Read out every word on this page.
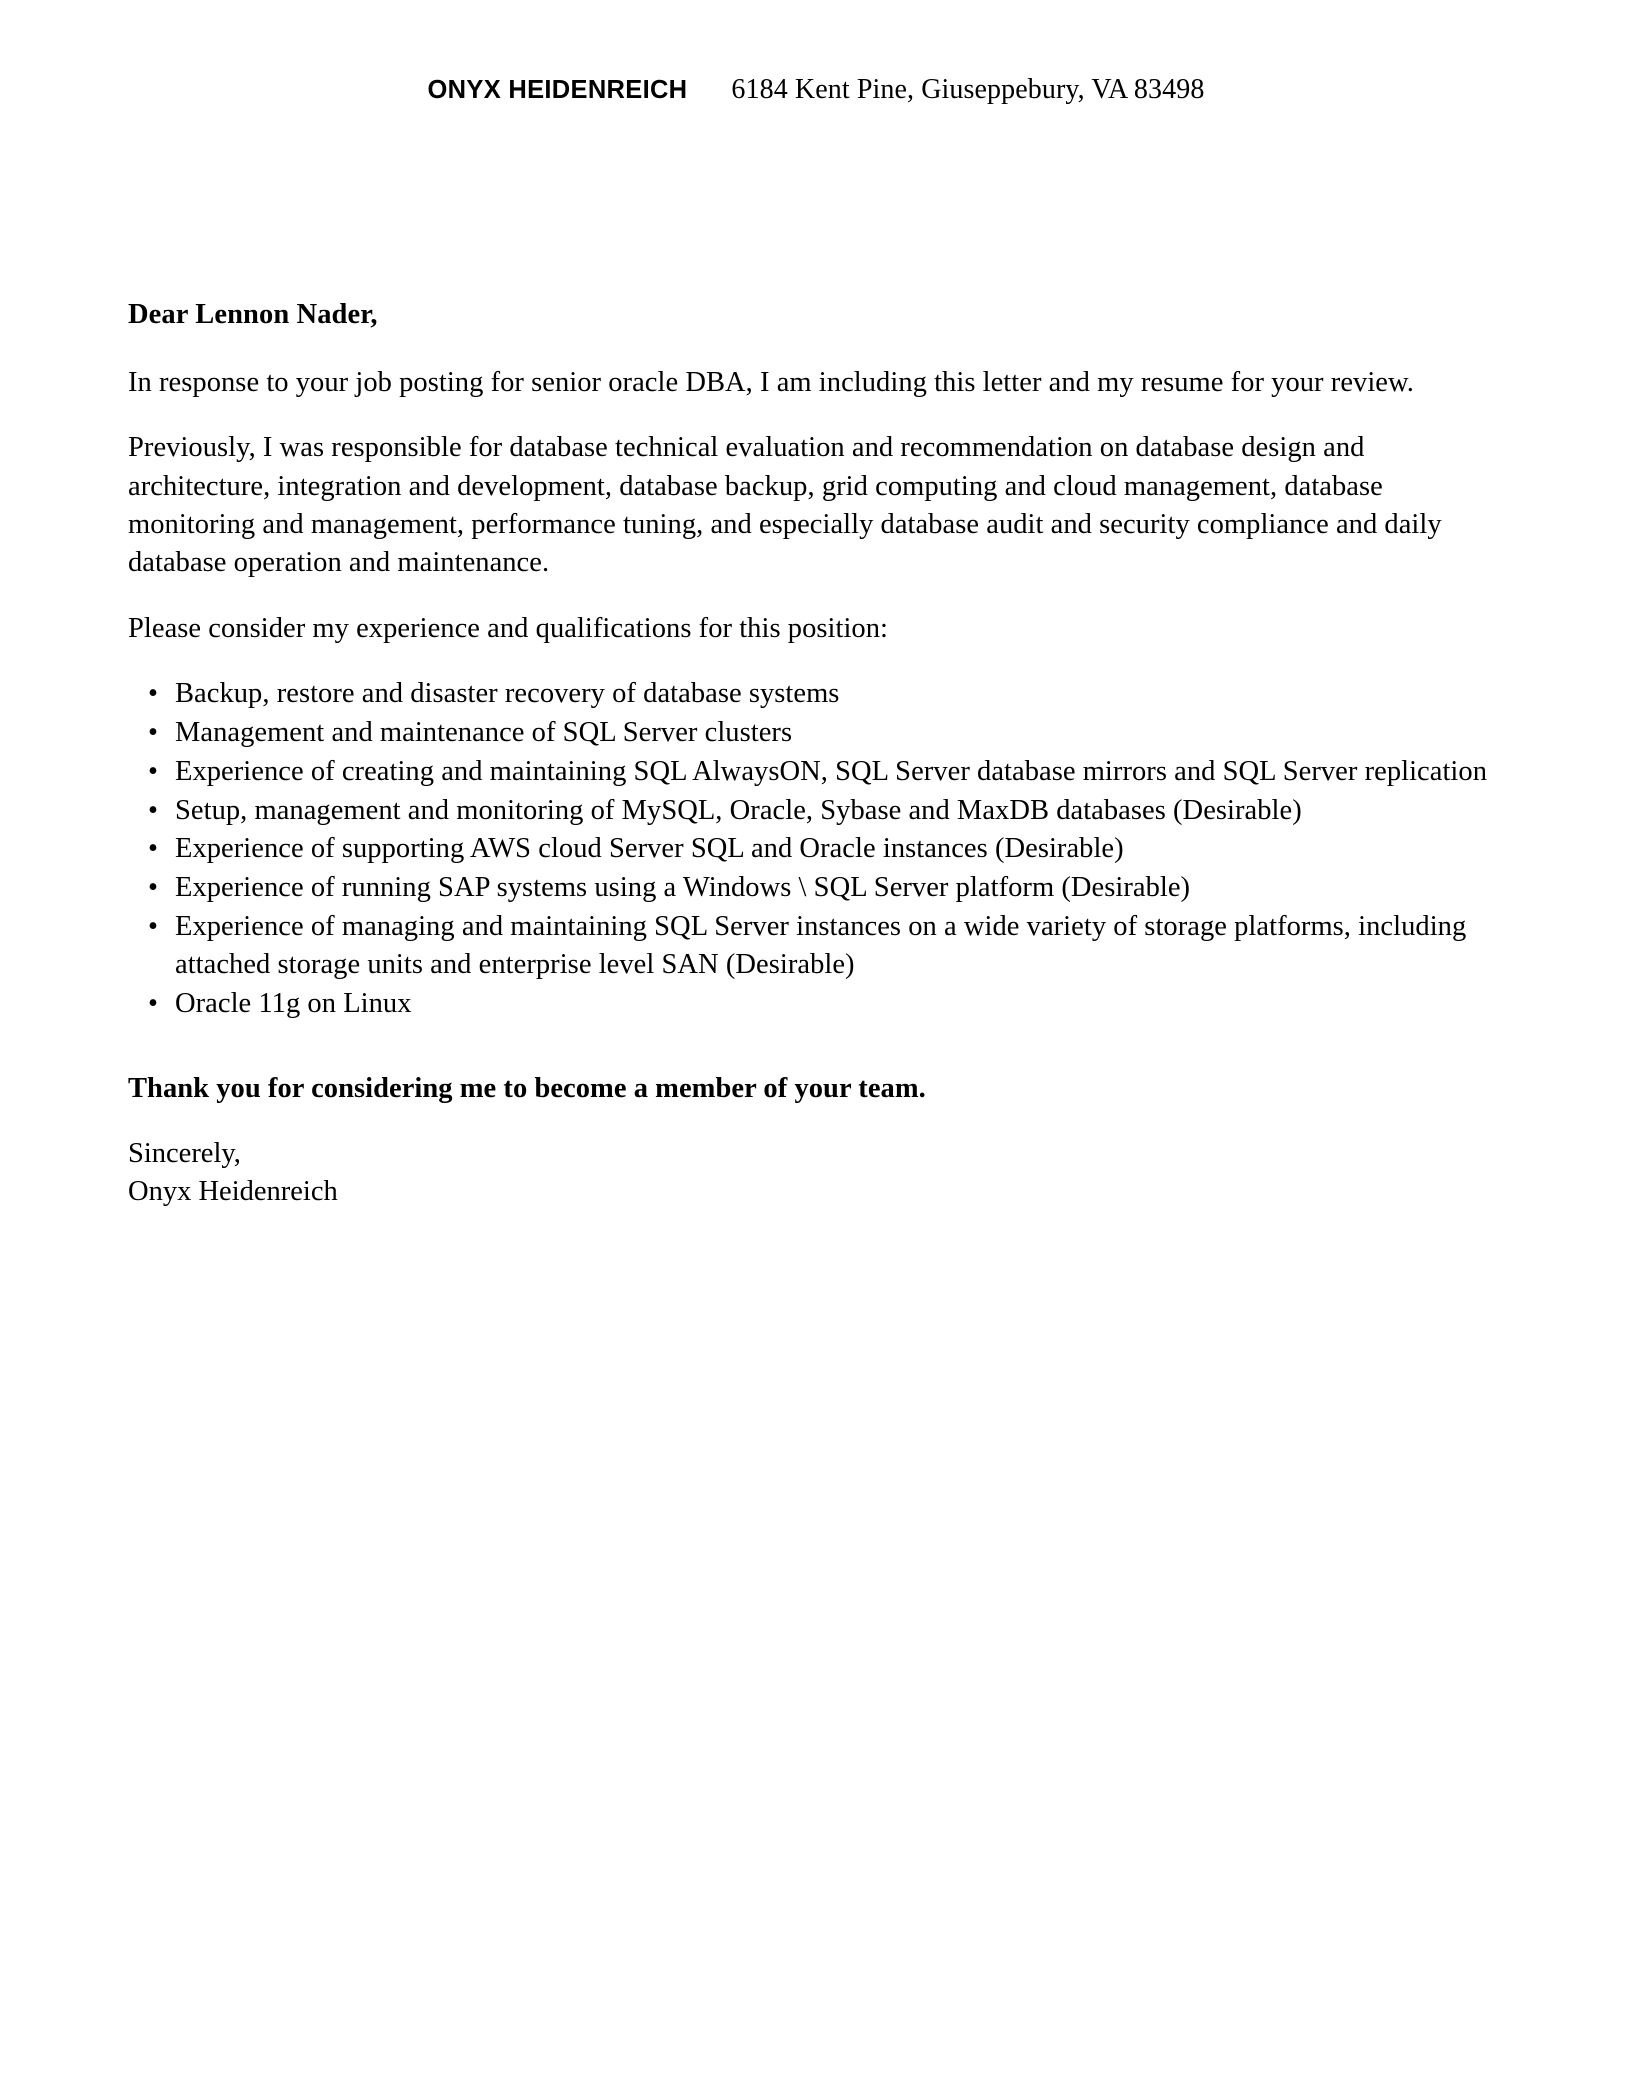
ONYX HEIDENREICH 6184 Kent Pine, Giuseppebury, VA 83498
Dear Lennon Nader,

In response to your job posting for senior oracle DBA, I am including this letter and my resume for your review.

Previously, I was responsible for database technical evaluation and recommendation on database design and architecture, integration and development, database backup, grid computing and cloud management, database monitoring and management, performance tuning, and especially database audit and security compliance and daily database operation and maintenance.

Please consider my experience and qualifications for this position:

• Backup, restore and disaster recovery of database systems
• Management and maintenance of SQL Server clusters
• Experience of creating and maintaining SQL AlwaysON, SQL Server database mirrors and SQL Server replication
• Setup, management and monitoring of MySQL, Oracle, Sybase and MaxDB databases (Desirable)
• Experience of supporting AWS cloud Server SQL and Oracle instances (Desirable)
• Experience of running SAP systems using a Windows \ SQL Server platform (Desirable)
• Experience of managing and maintaining SQL Server instances on a wide variety of storage platforms, including attached storage units and enterprise level SAN (Desirable)
• Oracle 11g on Linux
Thank you for considering me to become a member of your team.
Sincerely,
Onyx Heidenreich
